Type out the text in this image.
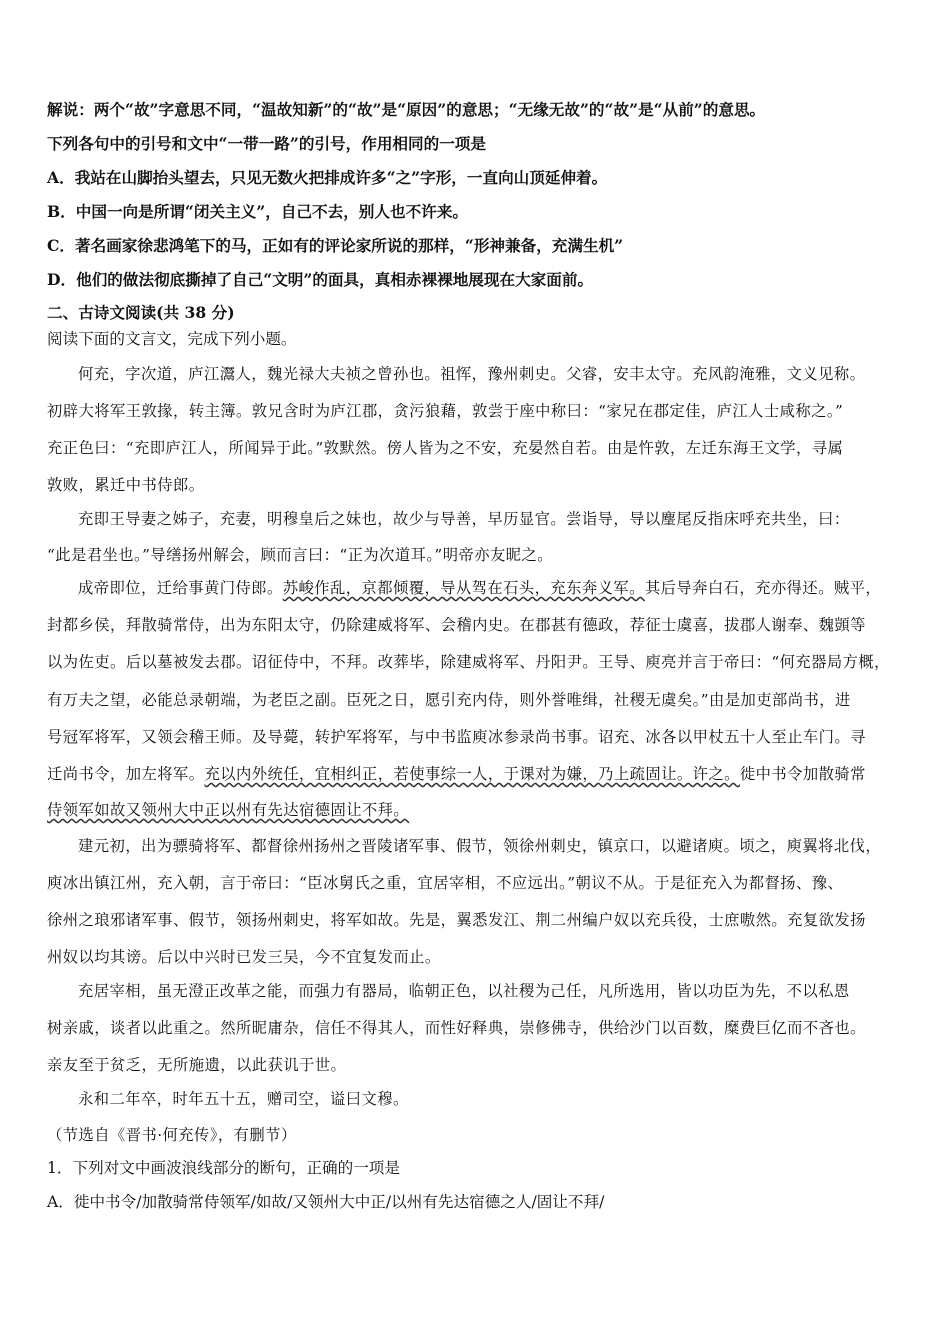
解说：两个“故”字意思不同，“温故知新”的“故”是“原因”的意思；“无缘无故”的“故”是“从前”的意思。
下列各句中的引号和文中“一带一路”的引号，作用相同的一项是
A．我站在山脚抬头望去，只见无数火把排成许多“之”字形，一直向山顶延伸着。
B．中国一向是所谓“闭关主义”，自己不去，别人也不许来。
C．著名画家徐悲鸿笔下的马，正如有的评论家所说的那样，“形神兼备，充满生机”
D．他们的做法彻底撕掉了自己“文明”的面具，真相赤裸裸地展现在大家面前。
二、古诗文阅读(共 38 分)
阅读下面的文言文，完成下列小题。
何充，字次道，庐江灊人，魏光禄大夫祯之曾孙也。祖恽，豫州刺史。父睿，安丰太守。充风韵淹雅，文义见称。
初辟大将军王敦掾，转主簿。敦兄含时为庐江郡，贪污狼藉，敦尝于座中称曰：“家兄在郡定佳，庐江人士咸称之。”
充正色曰：“充即庐江人，所闻异于此。”敦默然。傍人皆为之不安，充晏然自若。由是忤敦，左迁东海王文学，寻属
敦败，累迁中书侍郎。
充即王导妻之姊子，充妻，明穆皇后之妹也，故少与导善，早历显官。尝诣导，导以麈尾反指床呼充共坐，曰：
“此是君坐也。”导缮扬州解会，顾而言曰：“正为次道耳。”明帝亦友昵之。
成帝即位，迁给事黄门侍郎。苏峻作乱，京都倾覆，导从驾在石头，充东奔义军。其后导奔白石，充亦得还。贼平，
封都乡侯，拜散骑常侍，出为东阳太守，仍除建威将军、会稽内史。在郡甚有德政，荐征士虞喜，拔郡人谢奉、魏顗等
以为佐吏。后以墓被发去郡。诏征侍中，不拜。改葬毕，除建威将军、丹阳尹。王导、庾亮并言于帝曰：“何充器局方概，
有万夫之望，必能总录朝端，为老臣之副。臣死之日，愿引充内侍，则外誉唯缉，社稷无虞矣。”由是加吏部尚书，进
号冠军将军，又领会稽王师。及导薨，转护军将军，与中书监庾冰参录尚书事。诏充、冰各以甲杖五十人至止车门。寻
迁尚书令，加左将军。充以内外统任，宜相纠正，若使事综一人，于课对为嫌，乃上疏固让。许之。徙中书令加散骑常
侍领军如故又领州大中正以州有先达宿德固让不拜。
建元初，出为骠骑将军、都督徐州扬州之晋陵诸军事、假节，领徐州刺史，镇京口，以避诸庾。顷之，庾翼将北伐，
庾冰出镇江州，充入朝，言于帝曰：“臣冰舅氏之重，宜居宰相，不应远出。”朝议不从。于是征充入为都督扬、豫、
徐州之琅邪诸军事、假节，领扬州刺史，将军如故。先是，翼悉发江、荆二州编户奴以充兵役，士庶嗷然。充复欲发扬
州奴以均其谤。后以中兴时已发三吴，今不宜复发而止。
充居宰相，虽无澄正改革之能，而强力有器局，临朝正色，以社稷为己任，凡所选用，皆以功臣为先，不以私恩
树亲戚，谈者以此重之。然所昵庸杂，信任不得其人，而性好释典，崇修佛寺，供给沙门以百数，糜费巨亿而不吝也。
亲友至于贫乏，无所施遗，以此获讥于世。
永和二年卒，时年五十五，赠司空，谥曰文穆。
（节选自《晋书·何充传》，有删节）
1．下列对文中画波浪线部分的断句，正确的一项是
A．徙中书令/加散骑常侍领军/如故/又领州大中正/以州有先达宿德之人/固让不拜/
